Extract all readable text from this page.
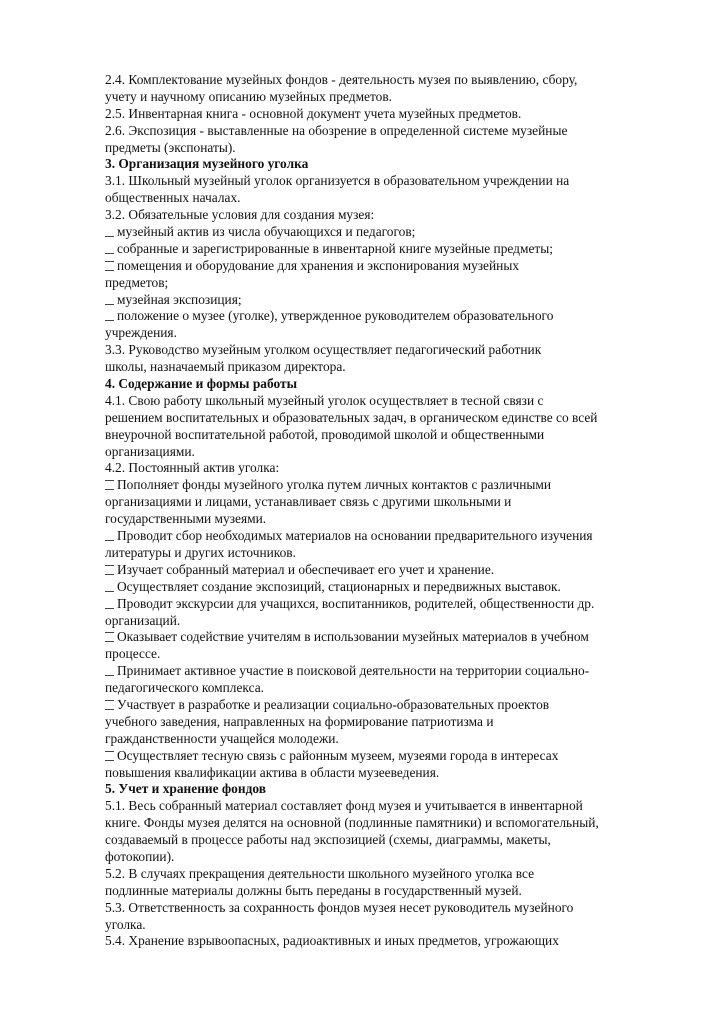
2.4. Комплектование музейных фондов - деятельность музея по выявлению, сбору,
учету и научному описанию музейных предметов.
2.5. Инвентарная книга - основной документ учета музейных предметов.
2.6. Экспозиция - выставленные на обозрение в определенной системе музейные
предметы (экспонаты).
3. Организация музейного уголка
3.1. Школьный музейный уголок организуется в образовательном учреждении на
общественных началах.
3.2. Обязательные условия для создания музея:
музейный актив из числа обучающихся и педагогов;
собранные и зарегистрированные в инвентарной книге музейные предметы;
помещения и оборудование для хранения и экспонирования музейных
предметов;
музейная экспозиция;
положение о музее (уголке), утвержденное руководителем образовательного
учреждения.
3.3. Руководство музейным уголком осуществляет педагогический работник
школы, назначаемый приказом директора.
4. Содержание и формы работы
4.1. Свою работу школьный музейный уголок осуществляет в тесной связи с
решением воспитательных и образовательных задач, в органическом единстве со всей
внеурочной воспитательной работой, проводимой школой и общественными
организациями.
4.2. Постоянный актив уголка:
Пополняет фонды музейного уголка путем личных контактов с различными
организациями и лицами, устанавливает связь с другими школьными и
государственными музеями.
Проводит сбор необходимых материалов на основании предварительного изучения
литературы и других источников.
Изучает собранный материал и обеспечивает его учет и хранение.
Осуществляет создание экспозиций, стационарных и передвижных выставок.
Проводит экскурсии для учащихся, воспитанников, родителей, общественности др.
организаций.
Оказывает содействие учителям в использовании музейных материалов в учебном
процессе.
Принимает активное участие в поисковой деятельности на территории социально-
педагогического комплекса.
Участвует в разработке и реализации социально-образовательных проектов
учебного заведения, направленных на формирование патриотизма и
гражданственности учащейся молодежи.
Осуществляет тесную связь с районным музеем, музеями города в интересах
повышения квалификации актива в области музееведения.
5. Учет и хранение фондов
5.1. Весь собранный материал составляет фонд музея и учитывается в инвентарной
книге. Фонды музея делятся на основной (подлинные памятники) и вспомогательный,
создаваемый в процессе работы над экспозицией (схемы, диаграммы, макеты,
фотокопии).
5.2. В случаях прекращения деятельности школьного музейного уголка все
подлинные материалы должны быть переданы в государственный музей.
5.3. Ответственность за сохранность фондов музея несет руководитель музейного
уголка.
5.4. Хранение взрывоопасных, радиоактивных и иных предметов, угрожающих
